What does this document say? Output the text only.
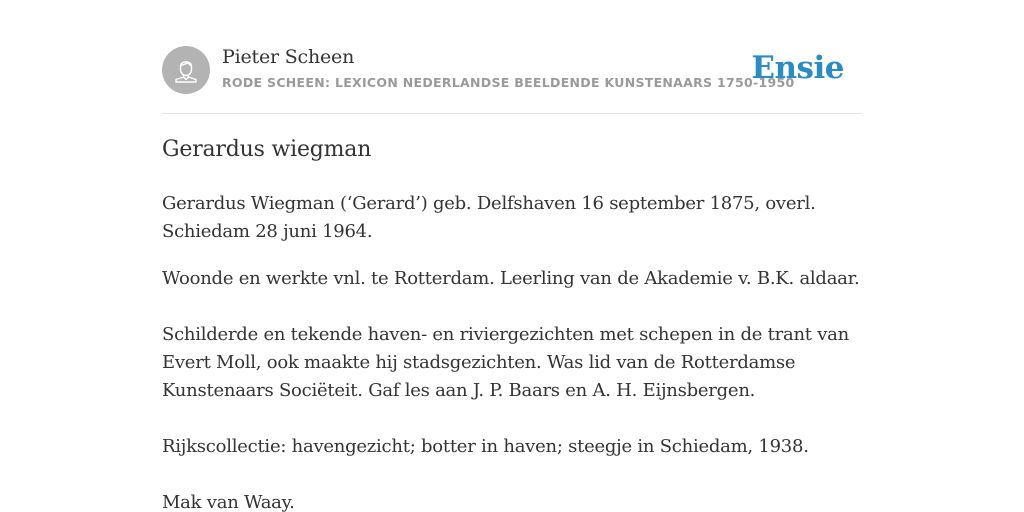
Pieter Scheen
RODE SCHEEN: LEXICON NEDERLANDSE BEELDENDE KUNSTENAARS 1750-1950
Ensie
Gerardus wiegman

Gerardus Wiegman (‘Gerard’) geb. Delfshaven 16 september 1875, overl. Schiedam 28 juni 1964.

Woonde en werkte vnl. te Rotterdam. Leerling van de Akademie v. B.K. aldaar.

Schilderde en tekende haven- en riviergezichten met schepen in de trant van Evert Moll, ook maakte hij stadsgezichten. Was lid van de Rotterdamse Kunstenaars Sociëteit. Gaf les aan J. P. Baars en A. H. Eijnsbergen.

Rijkscollectie: havengezicht; botter in haven; steegje in Schiedam, 1938.

Mak van Waay.
